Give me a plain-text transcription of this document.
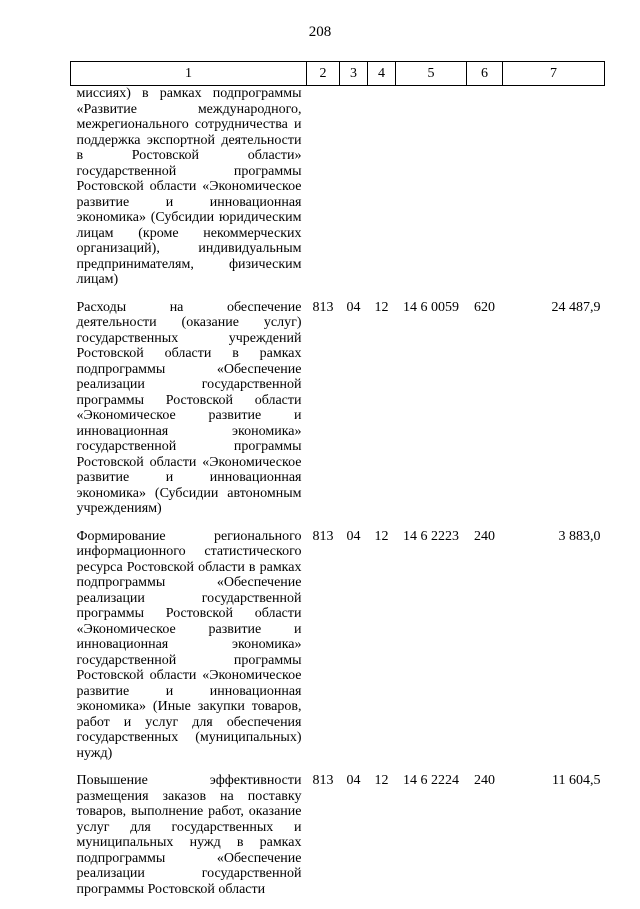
208
1	2	3	4	5	6	7
миссиях) в рамках подпрограммы «Развитие международного, межрегионального сотрудничества и поддержка экспортной деятельности в Ростовской области» государственной программы Ростовской области «Экономическое развитие и инновационная экономика» (Субсидии юридическим лицам (кроме некоммерческих организаций), индивидуальным предпринимателям, физическим лицам)						
Расходы на обеспечение деятельности (оказание услуг) государственных учреждений Ростовской области в рамках подпрограммы «Обеспечение реализации государственной программы Ростовской области «Экономическое развитие и инновационная экономика» государственной программы Ростовской области «Экономическое развитие и инновационная экономика» (Субсидии автономным учреждениям)	813	04	12	14 6 0059	620	24 487,9
Формирование регионального информационного статистического ресурса Ростовской области в рамках подпрограммы «Обеспечение реализации государственной программы Ростовской области «Экономическое развитие и инновационная экономика» государственной программы Ростовской области «Экономическое развитие и инновационная экономика» (Иные закупки товаров, работ и услуг для обеспечения государственных (муниципальных) нужд)	813	04	12	14 6 2223	240	3 883,0
Повышение эффективности размещения заказов на поставку товаров, выполнение работ, оказание услуг для государственных и муниципальных нужд в рамках подпрограммы «Обеспечение реализации государственной программы Ростовской области	813	04	12	14 6 2224	240	11 604,5
